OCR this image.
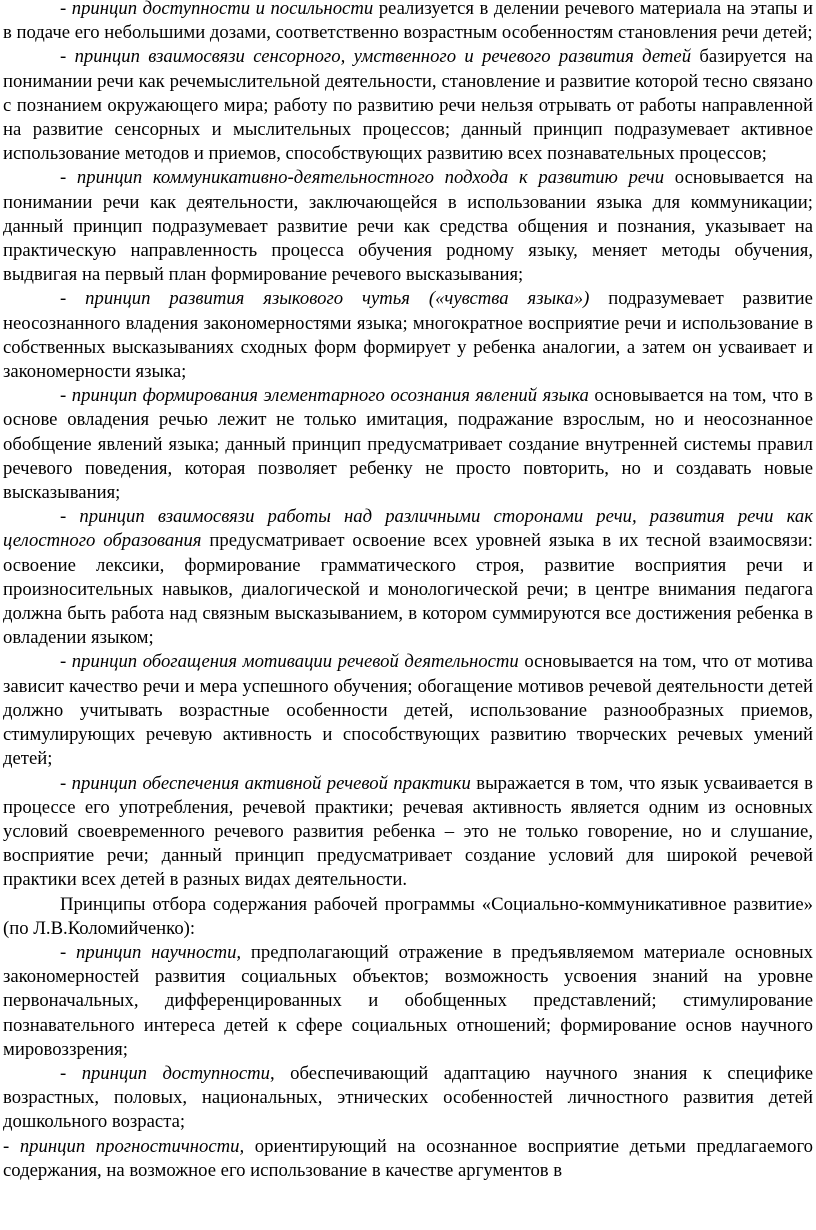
- принцип доступности и посильности реализуется в делении речевого материала на этапы и в подаче его небольшими дозами, соответственно возрастным особенностям становления речи детей;

- принцип взаимосвязи сенсорного, умственного и речевого развития детей базируется на понимании речи как речемыслительной деятельности, становление и развитие которой тесно связано с познанием окружающего мира; работу по развитию речи нельзя отрывать от работы направленной на развитие сенсорных и мыслительных процессов; данный принцип подразумевает активное использование методов и приемов, способствующих развитию всех познавательных процессов;

- принцип коммуникативно-деятельностного подхода к развитию речи основывается на понимании речи как деятельности, заключающейся в использовании языка для коммуникации; данный принцип подразумевает развитие речи как средства общения и познания, указывает на практическую направленность процесса обучения родному языку, меняет методы обучения, выдвигая на первый план формирование речевого высказывания;

- принцип развития языкового чутья («чувства языка») подразумевает развитие неосознанного владения закономерностями языка; многократное восприятие речи и использование в собственных высказываниях сходных форм формирует у ребенка аналогии, а затем он усваивает и закономерности языка;

- принцип формирования элементарного осознания явлений языка основывается на том, что в основе овладения речью лежит не только имитация, подражание взрослым, но и неосознанное обобщение явлений языка; данный принцип предусматривает создание внутренней системы правил речевого поведения, которая позволяет ребенку не просто повторить, но и создавать новые высказывания;

- принцип взаимосвязи работы над различными сторонами речи, развития речи как целостного образования предусматривает освоение всех уровней языка в их тесной взаимосвязи: освоение лексики, формирование грамматического строя, развитие восприятия речи и произносительных навыков, диалогической и монологической речи; в центре внимания педагога должна быть работа над связным высказыванием, в котором суммируются все достижения ребенка в овладении языком;

- принцип обогащения мотивации речевой деятельности основывается на том, что от мотива зависит качество речи и мера успешного обучения; обогащение мотивов речевой деятельности детей должно учитывать возрастные особенности детей, использование разнообразных приемов, стимулирующих речевую активность и способствующих развитию творческих речевых умений детей;

- принцип обеспечения активной речевой практики выражается в том, что язык усваивается в процессе его употребления, речевой практики; речевая активность является одним из основных условий своевременного речевого развития ребенка – это не только говорение, но и слушание, восприятие речи; данный принцип предусматривает создание условий для широкой речевой практики всех детей в разных видах деятельности.

Принципы отбора содержания рабочей программы «Социально-коммуникативное развитие» (по Л.В.Коломийченко):

- принцип научности, предполагающий отражение в предъявляемом материале основных закономерностей развития социальных объектов; возможность усвоения знаний на уровне первоначальных, дифференцированных и обобщенных представлений; стимулирование познавательного интереса детей к сфере социальных отношений; формирование основ научного мировоззрения;

- принцип доступности, обеспечивающий адаптацию научного знания к специфике возрастных, половых, национальных, этнических особенностей личностного развития детей дошкольного возраста;

- принцип прогностичности, ориентирующий на осознанное восприятие детьми предлагаемого содержания, на возможное его использование в качестве аргументов в
